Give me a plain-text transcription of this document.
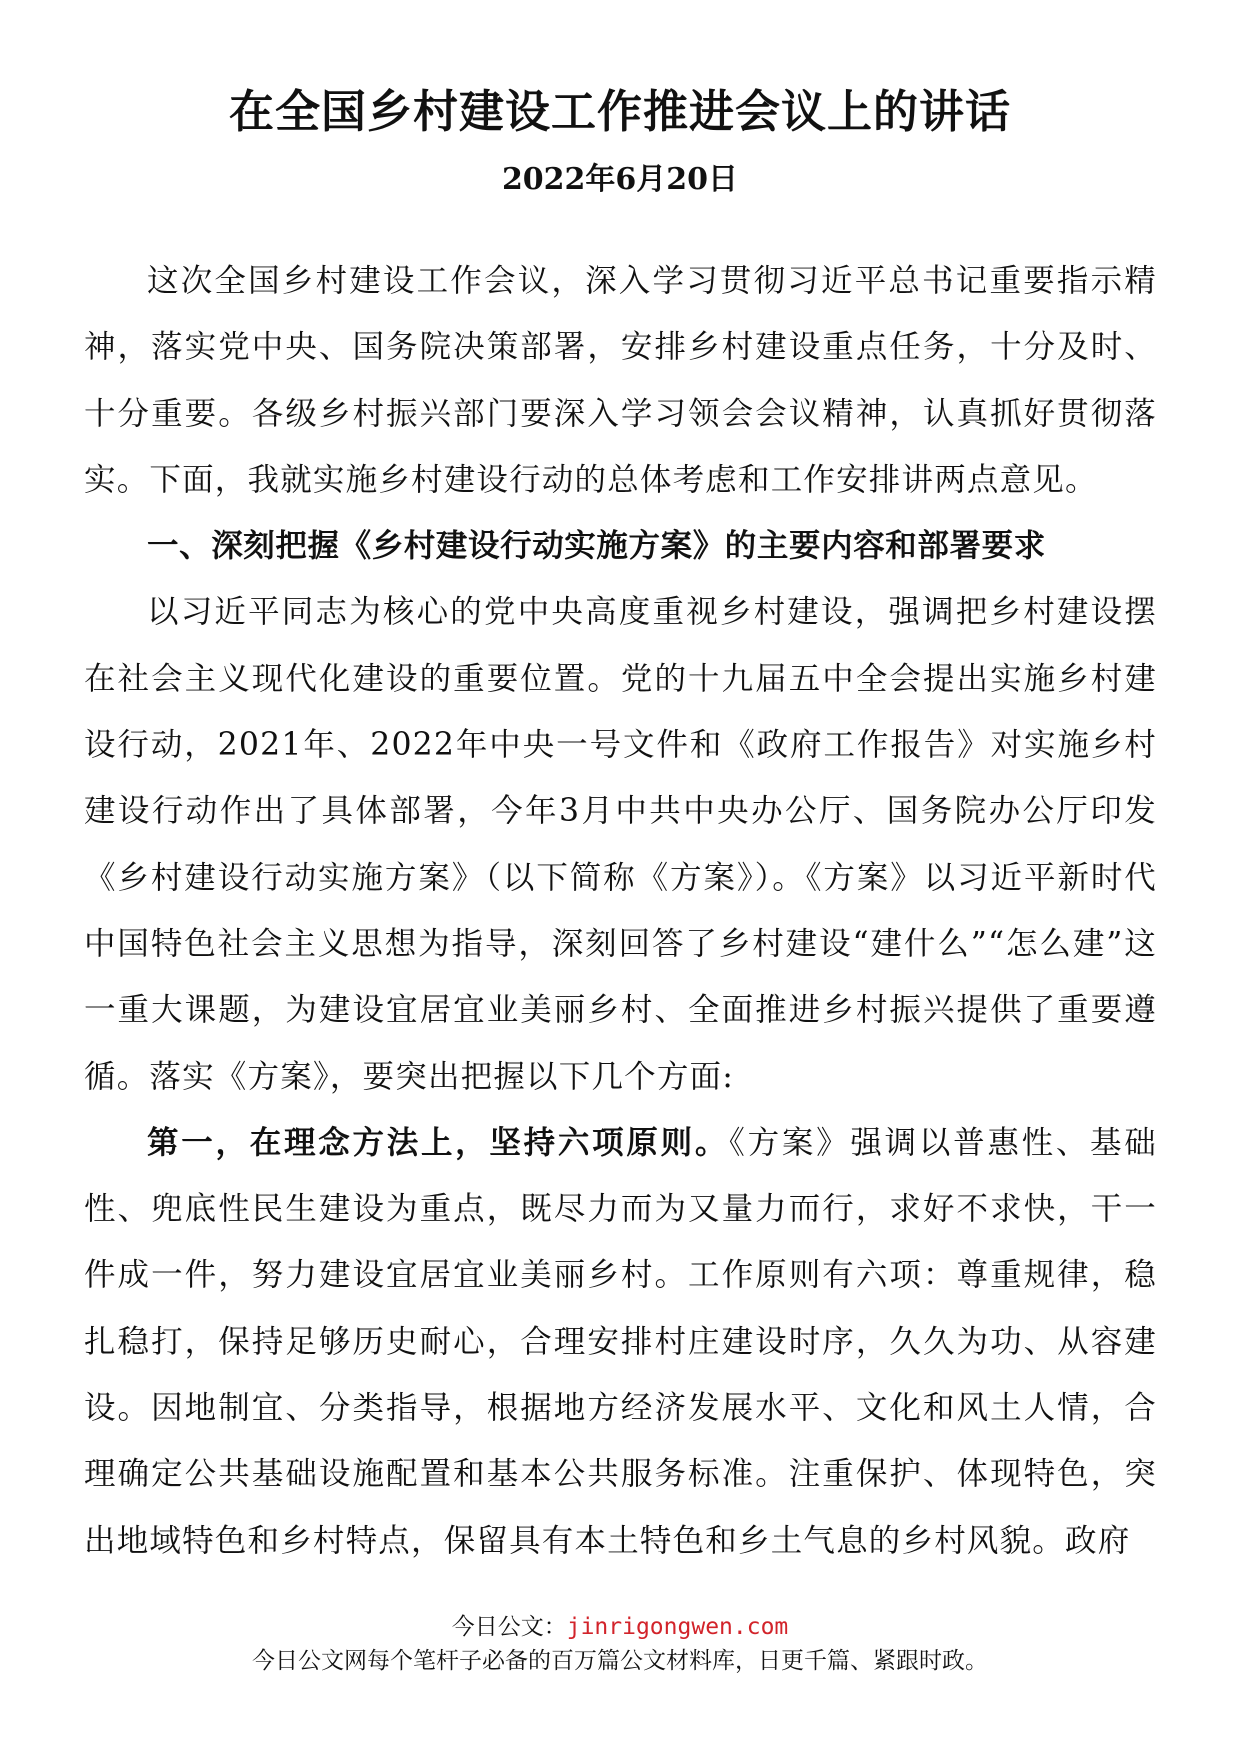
在全国乡村建设工作推进会议上的讲话
2022年6月20日

这次全国乡村建设工作会议，深入学习贯彻习近平总书记重要指示精神，落实党中央、国务院决策部署，安排乡村建设重点任务，十分及时、十分重要。各级乡村振兴部门要深入学习领会会议精神，认真抓好贯彻落实。下面，我就实施乡村建设行动的总体考虑和工作安排讲两点意见。

一、深刻把握《乡村建设行动实施方案》的主要内容和部署要求

以习近平同志为核心的党中央高度重视乡村建设，强调把乡村建设摆在社会主义现代化建设的重要位置。党的十九届五中全会提出实施乡村建设行动，2021年、2022年中央一号文件和《政府工作报告》对实施乡村建设行动作出了具体部署，今年3月中共中央办公厅、国务院办公厅印发《乡村建设行动实施方案》（以下简称《方案》）。《方案》以习近平新时代中国特色社会主义思想为指导，深刻回答了乡村建设“建什么”“怎么建”这一重大课题，为建设宜居宜业美丽乡村、全面推进乡村振兴提供了重要遵循。落实《方案》，要突出把握以下几个方面:

第一，在理念方法上，坚持六项原则。《方案》强调以普惠性、基础性、兜底性民生建设为重点，既尽力而为又量力而行，求好不求快，干一件成一件，努力建设宜居宜业美丽乡村。工作原则有六项：尊重规律，稳扎稳打，保持足够历史耐心，合理安排村庄建设时序，久久为功、从容建设。因地制宜、分类指导，根据地方经济发展水平、文化和风土人情，合理确定公共基础设施配置和基本公共服务标准。注重保护、体现特色，突出地域特色和乡村特点，保留具有本土特色和乡土气息的乡村风貌。政府

今日公文：jinrigongwen.com

今日公文网每个笔杆子必备的百万篇公文材料库，日更千篇、紧跟时政。
